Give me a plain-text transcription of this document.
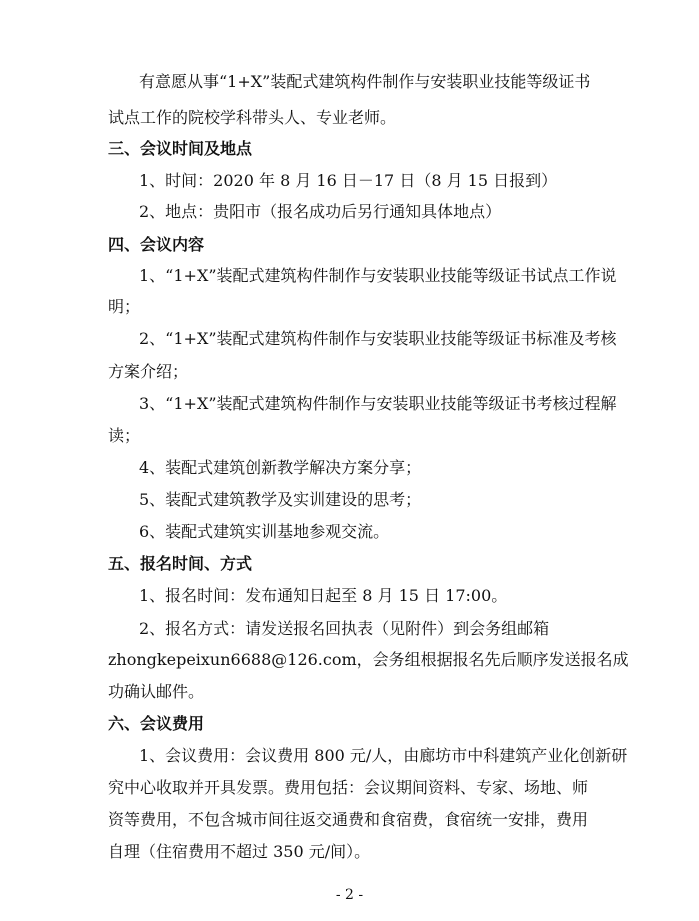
有意愿从事“1+X”装配式建筑构件制作与安装职业技能等级证书
试点工作的院校学科带头人、专业老师。
三、会议时间及地点
1、时间：2020 年 8 月 16 日－17 日（8 月 15 日报到）
2、地点：贵阳市（报名成功后另行通知具体地点）
四、会议内容
1、“1+X”装配式建筑构件制作与安装职业技能等级证书试点工作说
明；
2、“1+X”装配式建筑构件制作与安装职业技能等级证书标准及考核
方案介绍；
3、“1+X”装配式建筑构件制作与安装职业技能等级证书考核过程解
读；
4、装配式建筑创新教学解决方案分享；
5、装配式建筑教学及实训建设的思考；
6、装配式建筑实训基地参观交流。
五、报名时间、方式
1、报名时间：发布通知日起至 8 月 15 日 17:00。
2、报名方式：请发送报名回执表（见附件）到会务组邮箱
zhongkepeixun6688@126.com，会务组根据报名先后顺序发送报名成
功确认邮件。
六、会议费用
1、会议费用：会议费用 800 元/人，由廊坊市中科建筑产业化创新研
究中心收取并开具发票。费用包括：会议期间资料、专家、场地、师
资等费用，不包含城市间往返交通费和食宿费，食宿统一安排，费用
自理（住宿费用不超过 350 元/间）。
- 2 -
